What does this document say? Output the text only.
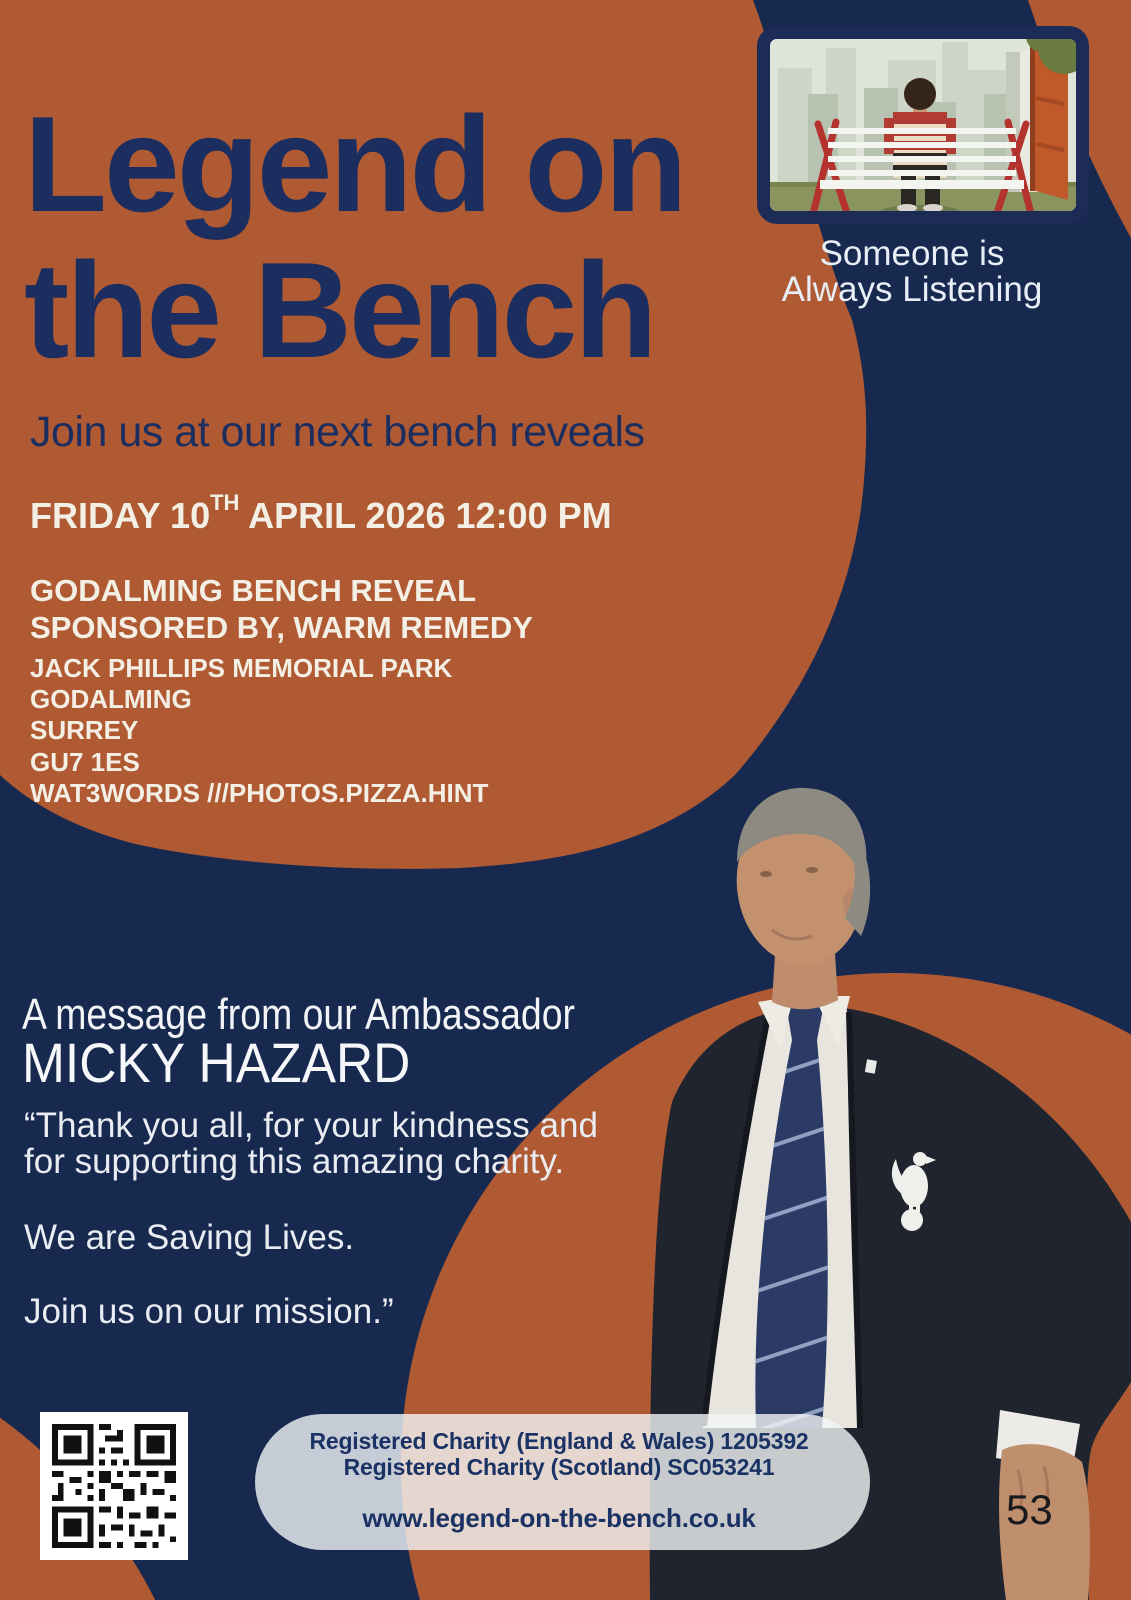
Legend on
the Bench	Someone is
Always Listening
Join us at our next bench reveals
FRIDAY 10TH APRIL 2026 12:00 PM
GODALMING BENCH REVEAL
SPONSORED BY, WARM REMEDY
JACK PHILLIPS MEMORIAL PARK
GODALMING
SURREY
GU7 1ES
WAT3WORDS ///PHOTOS.PIZZA.HINT
A message from our Ambassador
MICKY HAZARD
“Thank you all, for your kindness and
for supporting this amazing charity.
We are Saving Lives.
Join us on our mission.”
Registered Charity (England & Wales) 1205392
Registered Charity (Scotland) SC053241
www.legend-on-the-bench.co.uk	53
